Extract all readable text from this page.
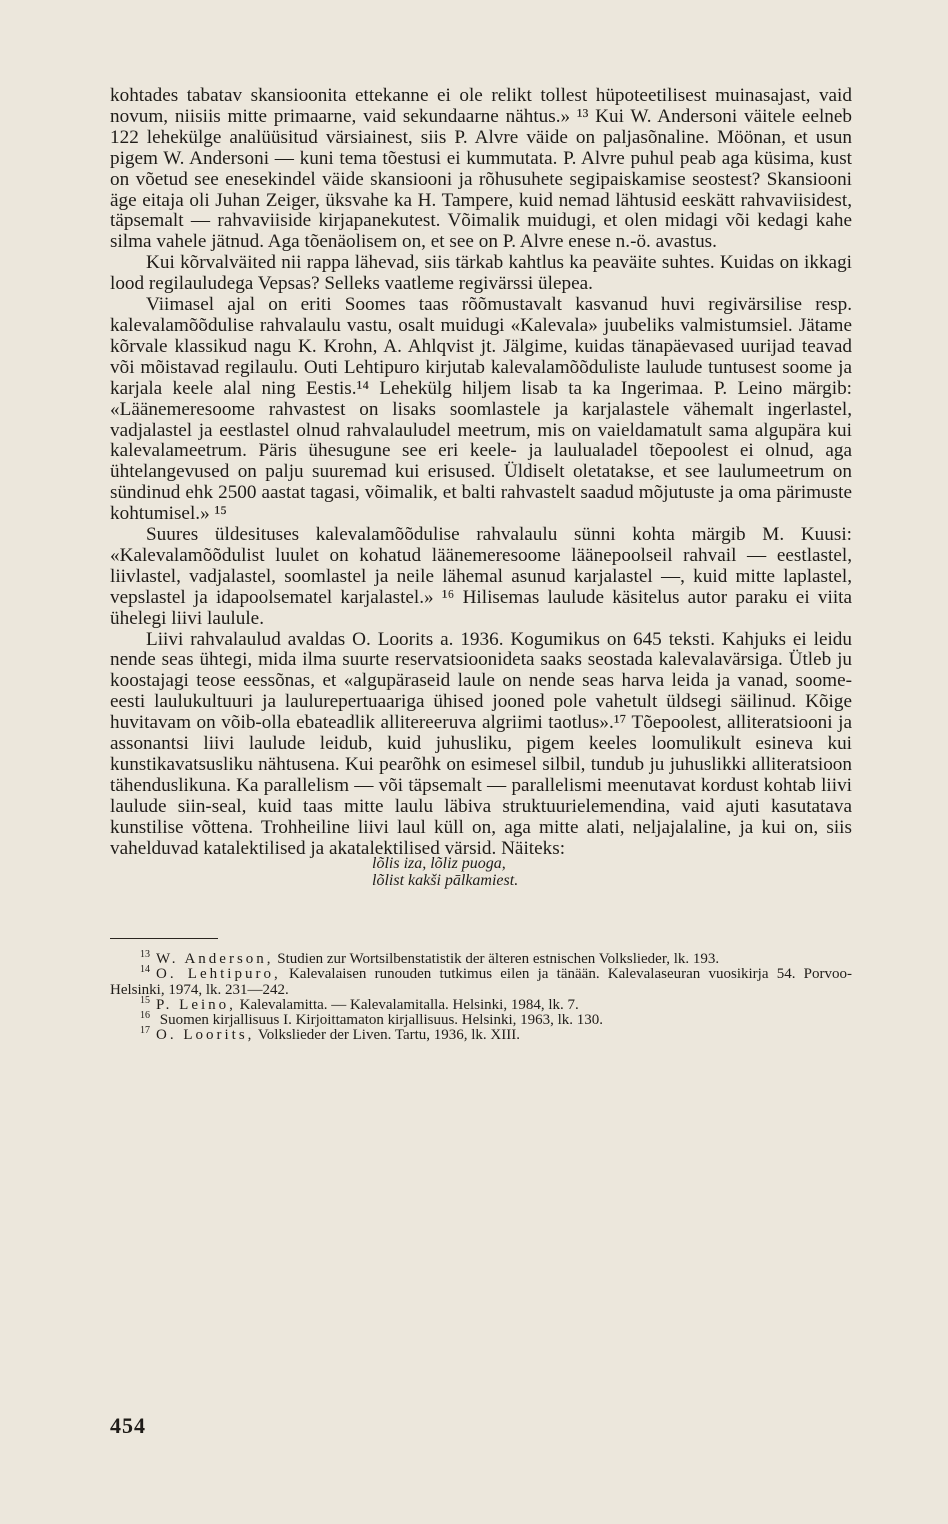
kohtades tabatav skansioonita ettekanne ei ole relikt tollest hüpoteetilisest muinasajast, vaid novum, niisiis mitte primaarne, vaid sekundaarne nähtus.» ¹³ Kui W. Andersoni väitele eelneb 122 lehekülge analüüsitud värsiainest, siis P. Alvre väide on paljasõnaline. Möönan, et usun pigem W. Andersoni — kuni tema tõestusi ei kummutata. P. Alvre puhul peab aga küsima, kust on võetud see enesekindel väide skansiooni ja rõhusuhete segipaiskamise seostest? Skansiooni äge eitaja oli Juhan Zeiger, üksvahe ka H. Tampere, kuid nemad lähtusid eeskätt rahvaviisidest, täpsemalt — rahvaviiside kirjapanekutest. Võimalik muidugi, et olen midagi või kedagi kahe silma vahele jätnud. Aga tõenäolisem on, et see on P. Alvre enese n.-ö. avastus.

Kui kõrvalväited nii rappa lähevad, siis tärkab kahtlus ka peaväite suhtes. Kuidas on ikkagi lood regilauludega Vepsas? Selleks vaatleme regivärssi ülepea.

Viimasel ajal on eriti Soomes taas rõõmustavalt kasvanud huvi regivärsilise resp. kalevalamõõdulise rahvalaulu vastu, osalt muidugi «Kalevala» juubeliks valmistumsiel. Jätame kõrvale klassikud nagu K. Krohn, A. Ahlqvist jt. Jälgime, kuidas tänapäevased uurijad teavad või mõistavad regilaulu. Outi Lehtipuro kirjutab kalevalamõõduliste laulude tuntusest soome ja karjala keele alal ning Eestis.¹⁴ Lehekülg hiljem lisab ta ka Ingerimaa. P. Leino märgib: «Läänemeresoome rahvastest on lisaks soomlastele ja karjalastele vähemalt ingerlastel, vadjalastel ja eestlastel olnud rahvalauludel meetrum, mis on vaieldamatult sama algupära kui kalevalameetrum. Päris ühesugune see eri keele- ja laulualadel tõepoolest ei olnud, aga ühtelangevused on palju suuremad kui erisused. Üldiselt oletatakse, et see laulumeetrum on sündinud ehk 2500 aastat tagasi, võimalik, et balti rahvastelt saadud mõjutuste ja oma pärimuste kohtumisel.» ¹⁵

Suures üldesituses kalevalamõõdulise rahvalaulu sünni kohta märgib M. Kuusi: «Kalevalamõõdulist luulet on kohatud läänemeresoome läänepoolseil rahvail — eestlastel, liivlastel, vadjalastel, soomlastel ja neile lähemal asunud karjalastel —, kuid mitte laplastel, vepslastel ja idapoolsematel karjalastel.» ¹⁶ Hilisemas laulude käsitelus autor paraku ei viita ühelegi liivi laulule.

Liivi rahvalaulud avaldas O. Loorits a. 1936. Kogumikus on 645 teksti. Kahjuks ei leidu nende seas ühtegi, mida ilma suurte reservatsioonideta saaks seostada kalevalavärsiga. Ütleb ju koostajagi teose eessõnas, et «algupäraseid laule on nende seas harva leida ja vanad, soome-eesti laulukultuuri ja laulurepertuaariga ühised jooned pole vahetult üldsegi säilinud. Kõige huvitavam on võib-olla ebateadlik allitereeruva algriimi taotlus».¹⁷ Tõepoolest, alliteratsiooni ja assonantsi liivi laulude leidub, kuid juhusliku, pigem keeles loomulikult esineva kui kunstikavatsusliku nähtusena. Kui pearõhk on esimesel silbil, tundub ju juhuslikki alliteratsioon tähenduslikuna. Ka parallelism — või täpsemalt — parallelismi meenutavat kordust kohtab liivi laulude siin-seal, kuid taas mitte laulu läbiva struktuurielemendina, vaid ajuti kasutatava kunstilise võttena. Trohheiline liivi laul küll on, aga mitte alati, neljajalaline, ja kui on, siis vahelduvad katalektilised ja akatalektilised värsid. Näiteks:

lõlis iza, lõliz puoga,
lõlist kakši pālkamiest.

$^{13}$ W. Anderson, Studien zur Wortsilbenstatistik der älteren estnischen Volkslieder, lk. 193.

$^{14}$ O. Lehtipuro, Kalevalaisen runouden tutkimus eilen ja tänään. Kalevalaseuran vuosikirja 54. Porvoo-Helsinki, 1974, lk. 231—242.

$^{15}$ P. Leino, Kalevalamitta. — Kalevalamitalla. Helsinki, 1984, lk. 7.

$^{16}$ Suomen kirjallisuus I. Kirjoittamaton kirjallisuus. Helsinki, 1963, lk. 130.

$^{17}$ O. Loorits, Volkslieder der Liven. Tartu, 1936, lk. XIII.

454
